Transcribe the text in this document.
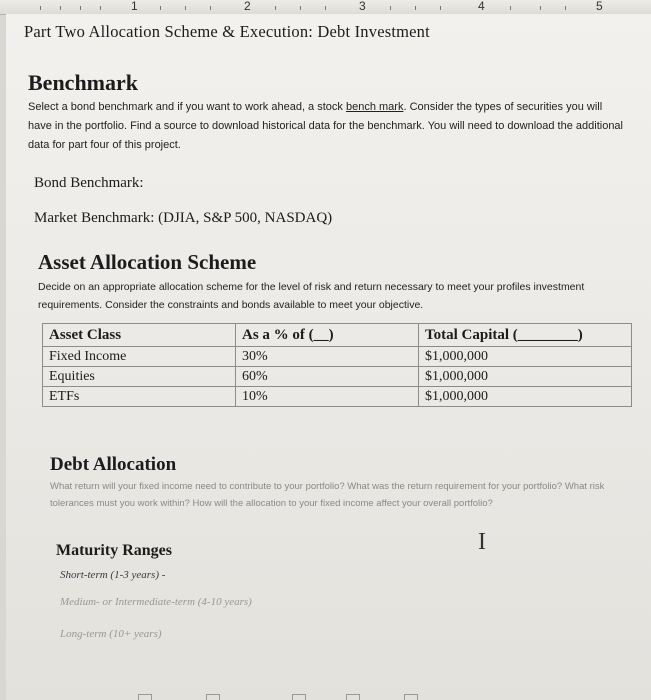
1	2	3	4	5
Part Two Allocation Scheme & Execution: Debt Investment
Benchmark
Select a bond benchmark and if you want to work ahead, a stock bench mark. Consider the types of securities you will have in the portfolio. Find a source to download historical data for the benchmark. You will need to download the additional data for part four of this project.
Bond Benchmark:
Market Benchmark: (DJIA, S&P 500, NASDAQ)
Asset Allocation Scheme
Decide on an appropriate allocation scheme for the level of risk and return necessary to meet your profiles investment requirements. Consider the constraints and bonds available to meet your objective.
Asset Class	As a % of (__)	Total Capital (________)
Fixed Income	30%	$1,000,000
Equities	60%	$1,000,000
ETFs	10%	$1,000,000
Debt Allocation
What return will your fixed income need to contribute to your portfolio? What was the return requirement for your portfolio? What risk tolerances must you work within? How will the allocation to your fixed income affect your overall portfolio?
I
Maturity Ranges
Short-term (1-3 years) -
Medium- or Intermediate-term (4-10 years)
Long-term (10+ years)
